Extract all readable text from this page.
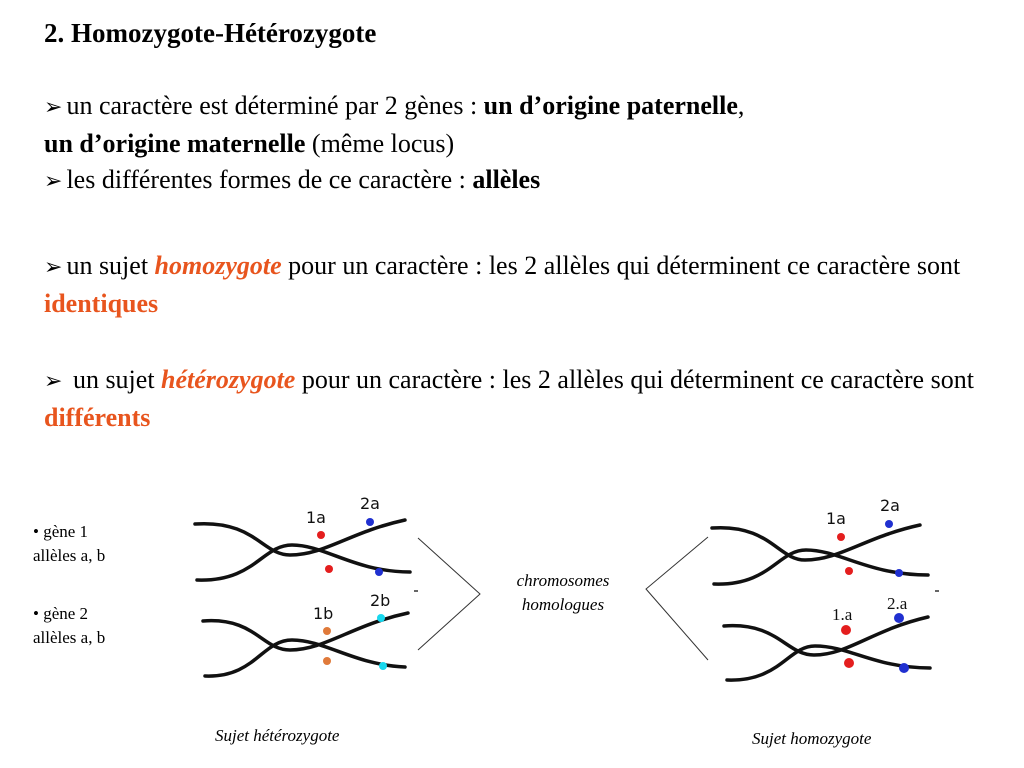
2. Homozygote-Hétérozygote
➢ un caractère est déterminé par 2 gènes : un d’origine paternelle,
un d’origine maternelle (même locus)
➢ les différentes formes de ce caractère : allèles
➢ un sujet homozygote pour un caractère : les 2 allèles qui déterminent ce caractère sont identiques
➢ un sujet hétérozygote pour un caractère : les 2 allèles qui déterminent ce caractère sont différents
• gène 1
allèles a, b
• gène 2
allèles a, b
chromosomes
homologues
Sujet hétérozygote	Sujet homozygote
1a
2a
1b
2b
1a
2a
1.a
2.a
